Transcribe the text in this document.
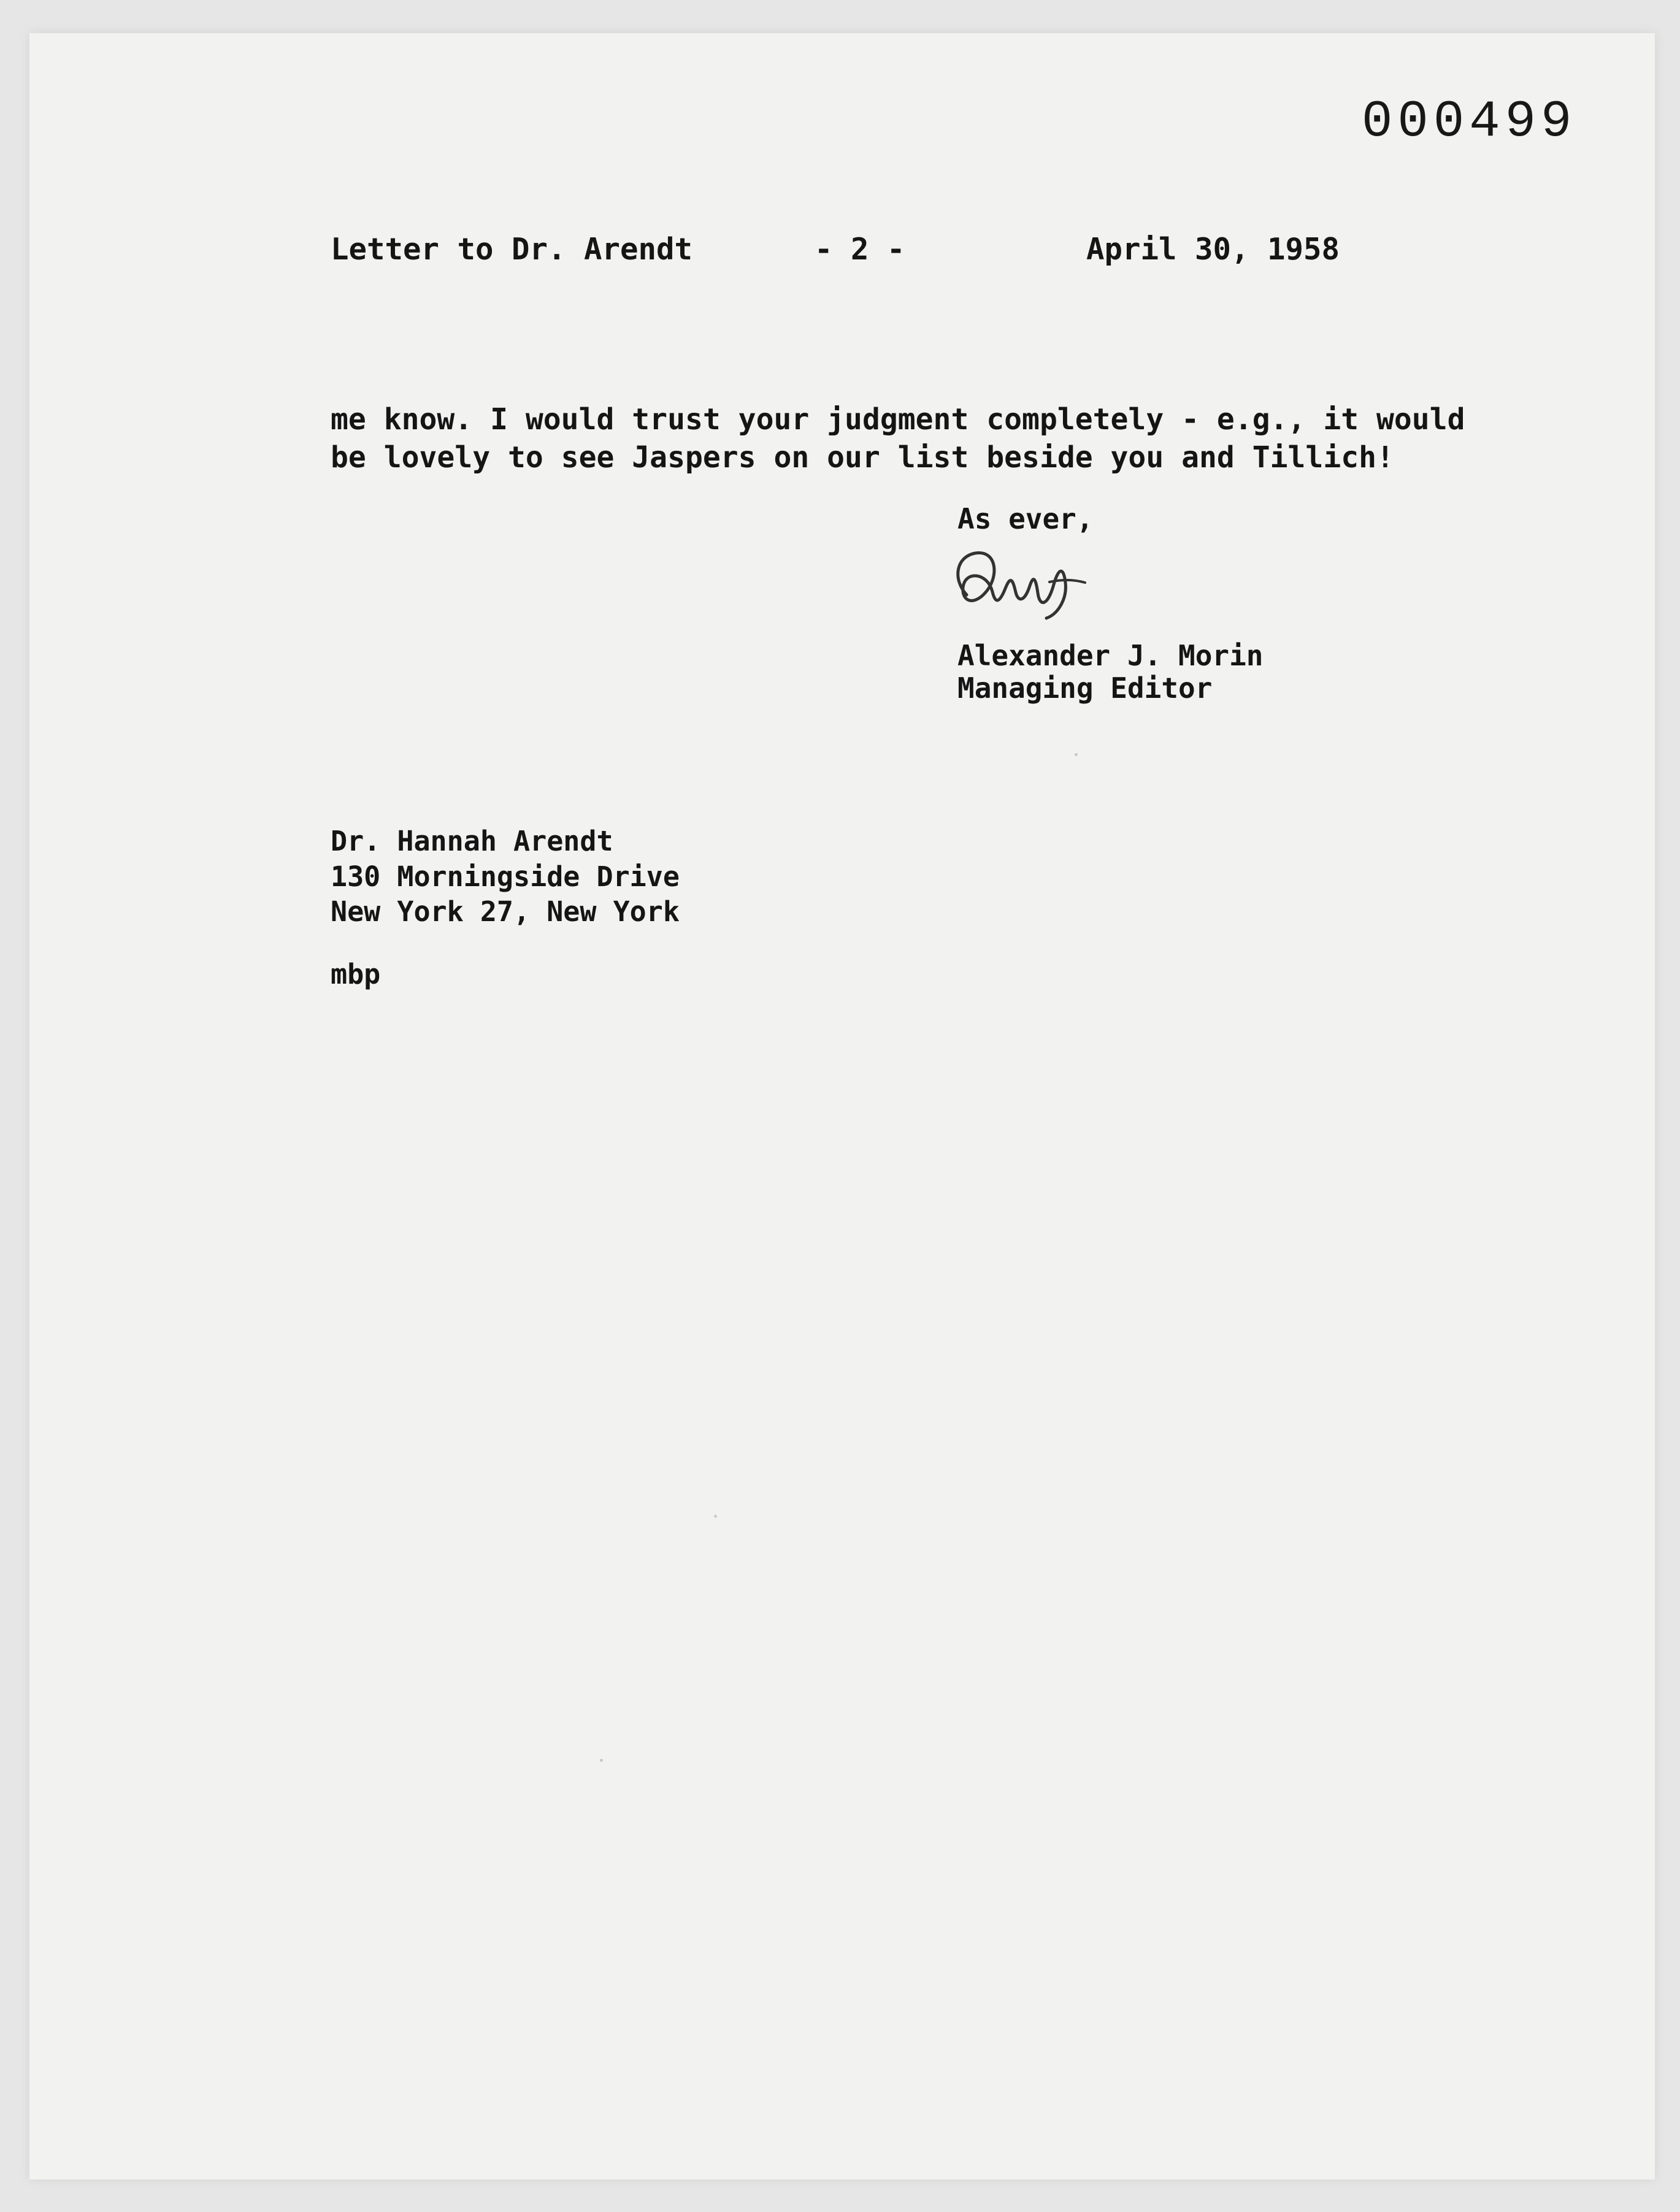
000499
Letter to Dr. Arendt	- 2 -	April 30, 1958
me know. I would trust your judgment completely - e.g., it would
be lovely to see Jaspers on our list beside you and Tillich!
As ever,
Alexander J. Morin
Managing Editor
Dr. Hannah Arendt
130 Morningside Drive
New York 27, New York
mbp
